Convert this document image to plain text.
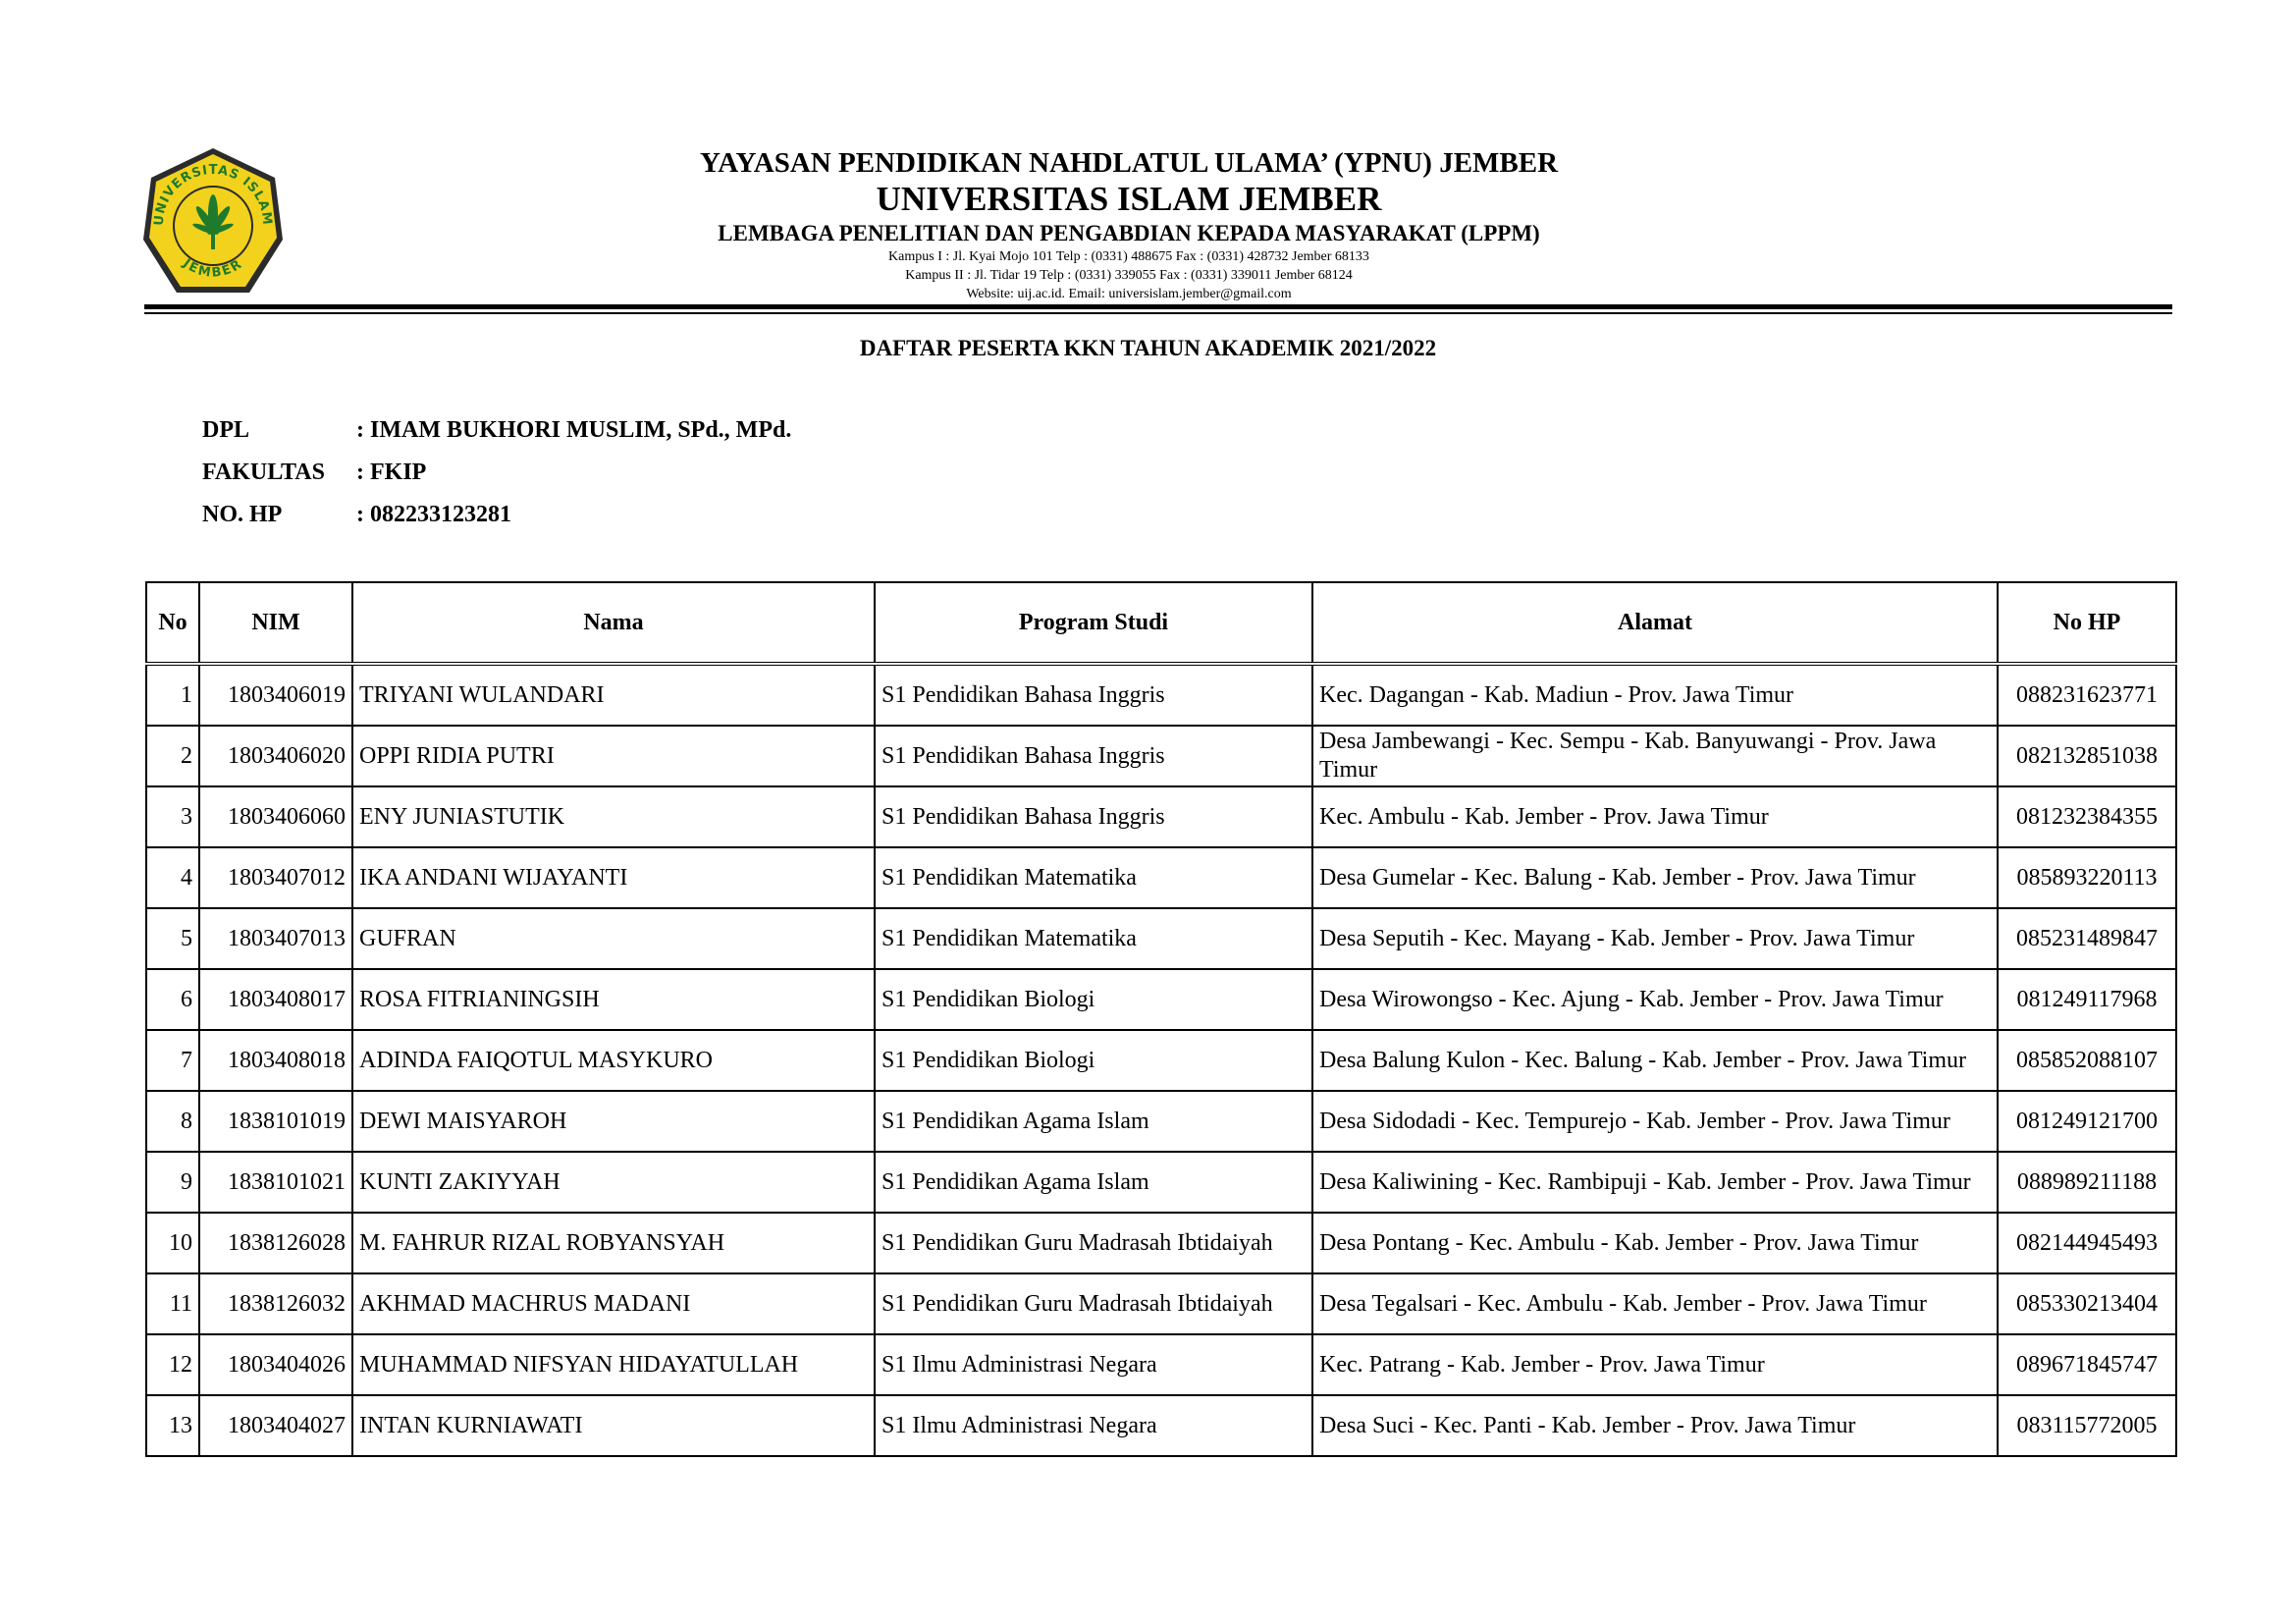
UNIVERSITAS ISLAM
JEMBER
YAYASAN PENDIDIKAN NAHDLATUL ULAMA’ (YPNU) JEMBER
UNIVERSITAS ISLAM JEMBER
LEMBAGA PENELITIAN DAN PENGABDIAN KEPADA MASYARAKAT (LPPM)
Kampus I : Jl. Kyai Mojo 101 Telp : (0331) 488675 Fax : (0331) 428732 Jember 68133
Kampus II : Jl. Tidar 19 Telp : (0331) 339055 Fax : (0331) 339011 Jember 68124
Website: uij.ac.id. Email: universislam.jember@gmail.com
DAFTAR PESERTA KKN TAHUN AKADEMIK 2021/2022
DPL	: IMAM BUKHORI MUSLIM, SPd., MPd.
FAKULTAS : FKIP
NO. HP	: 082233123281
No	NIM	Nama	Program Studi	Alamat	No HP
1	1803406019	TRIYANI WULANDARI	S1 Pendidikan Bahasa Inggris	Kec. Dagangan - Kab. Madiun - Prov. Jawa Timur	088231623771
2	1803406020	OPPI RIDIA PUTRI	S1 Pendidikan Bahasa Inggris	Desa Jambewangi - Kec. Sempu - Kab. Banyuwangi - Prov. Jawa Timur	082132851038
3	1803406060	ENY JUNIASTUTIK	S1 Pendidikan Bahasa Inggris	Kec. Ambulu - Kab. Jember - Prov. Jawa Timur	081232384355
4	1803407012	IKA ANDANI WIJAYANTI	S1 Pendidikan Matematika	Desa Gumelar - Kec. Balung - Kab. Jember - Prov. Jawa Timur	085893220113
5	1803407013	GUFRAN	S1 Pendidikan Matematika	Desa Seputih - Kec. Mayang - Kab. Jember - Prov. Jawa Timur	085231489847
6	1803408017	ROSA FITRIANINGSIH	S1 Pendidikan Biologi	Desa Wirowongso - Kec. Ajung - Kab. Jember - Prov. Jawa Timur	081249117968
7	1803408018	ADINDA FAIQOTUL MASYKURO	S1 Pendidikan Biologi	Desa Balung Kulon - Kec. Balung - Kab. Jember - Prov. Jawa Timur	085852088107
8	1838101019	DEWI MAISYAROH	S1 Pendidikan Agama Islam	Desa Sidodadi - Kec. Tempurejo - Kab. Jember - Prov. Jawa Timur	081249121700
9	1838101021	KUNTI ZAKIYYAH	S1 Pendidikan Agama Islam	Desa Kaliwining - Kec. Rambipuji - Kab. Jember - Prov. Jawa Timur	088989211188
10	1838126028	M. FAHRUR RIZAL ROBYANSYAH	S1 Pendidikan Guru Madrasah Ibtidaiyah	Desa Pontang - Kec. Ambulu - Kab. Jember - Prov. Jawa Timur	082144945493
11	1838126032	AKHMAD MACHRUS MADANI	S1 Pendidikan Guru Madrasah Ibtidaiyah	Desa Tegalsari - Kec. Ambulu - Kab. Jember - Prov. Jawa Timur	085330213404
12	1803404026	MUHAMMAD NIFSYAN HIDAYATULLAH	S1 Ilmu Administrasi Negara	Kec. Patrang - Kab. Jember - Prov. Jawa Timur	089671845747
13	1803404027	INTAN KURNIAWATI	S1 Ilmu Administrasi Negara	Desa Suci - Kec. Panti - Kab. Jember - Prov. Jawa Timur	083115772005
